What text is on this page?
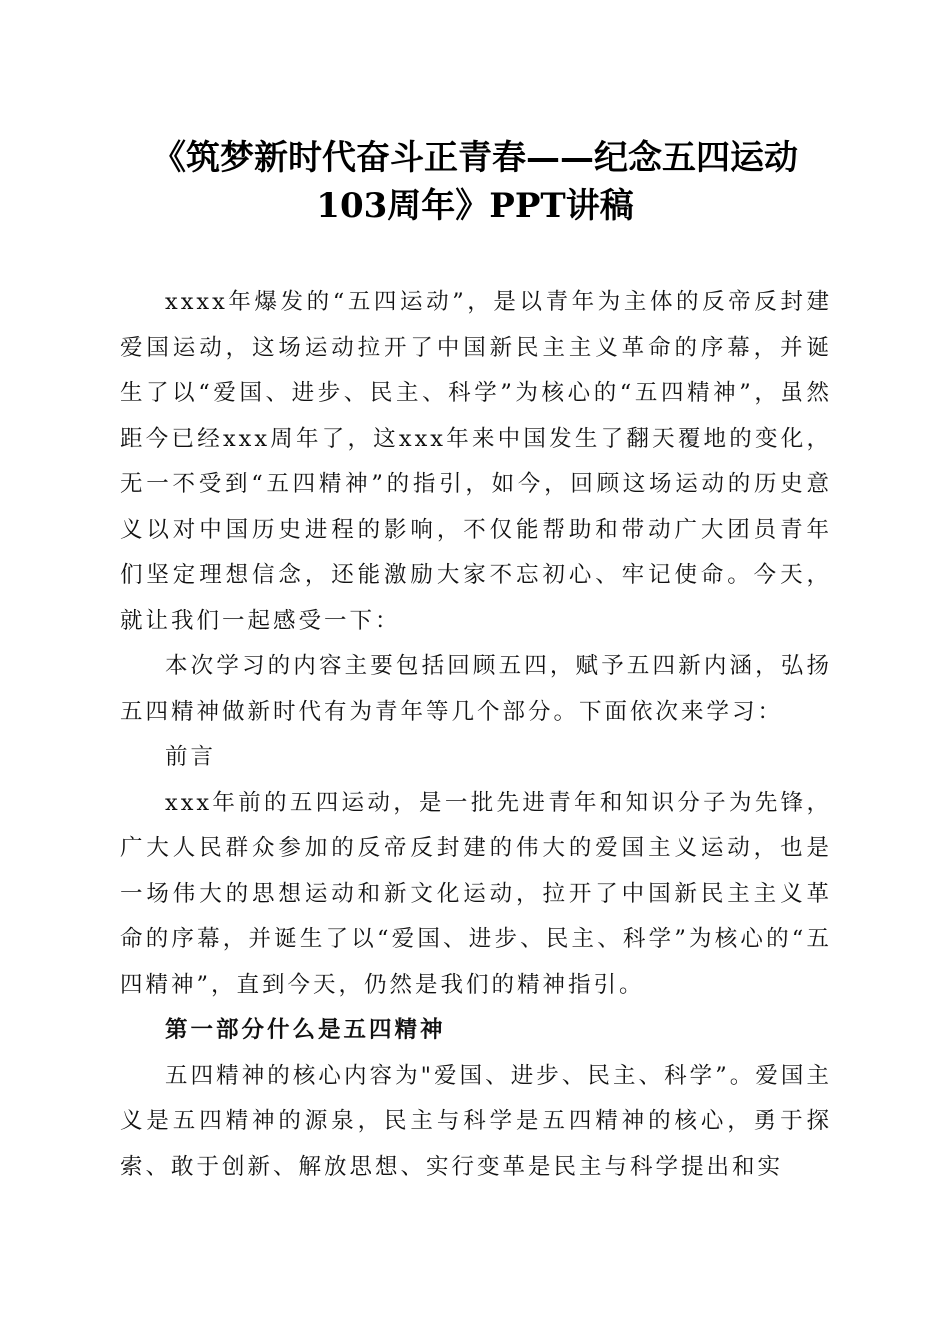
《筑梦新时代奋斗正青春——纪念五四运动
103周年》PPT讲稿

xxxx年爆发的“五四运动”，是以青年为主体的反帝反封建爱国运动，这场运动拉开了中国新民主主义革命的序幕，并诞生了以“爱国、进步、民主、科学”为核心的“五四精神”，虽然距今已经xxx周年了，这xxx年来中国发生了翻天覆地的变化，无一不受到“五四精神”的指引，如今，回顾这场运动的历史意义以对中国历史进程的影响，不仅能帮助和带动广大团员青年们坚定理想信念，还能激励大家不忘初心、牢记使命。今天，就让我们一起感受一下：

本次学习的内容主要包括回顾五四，赋予五四新内涵，弘扬五四精神做新时代有为青年等几个部分。下面依次来学习：

前言

xxx年前的五四运动，是一批先进青年和知识分子为先锋，广大人民群众参加的反帝反封建的伟大的爱国主义运动，也是一场伟大的思想运动和新文化运动，拉开了中国新民主主义革命的序幕，并诞生了以“爱国、进步、民主、科学”为核心的“五四精神”，直到今天，仍然是我们的精神指引。

第一部分什么是五四精神

五四精神的核心内容为"爱国、进步、民主、科学”。爱国主义是五四精神的源泉，民主与科学是五四精神的核心，勇于探索、敢于创新、解放思想、实行变革是民主与科学提出和实
